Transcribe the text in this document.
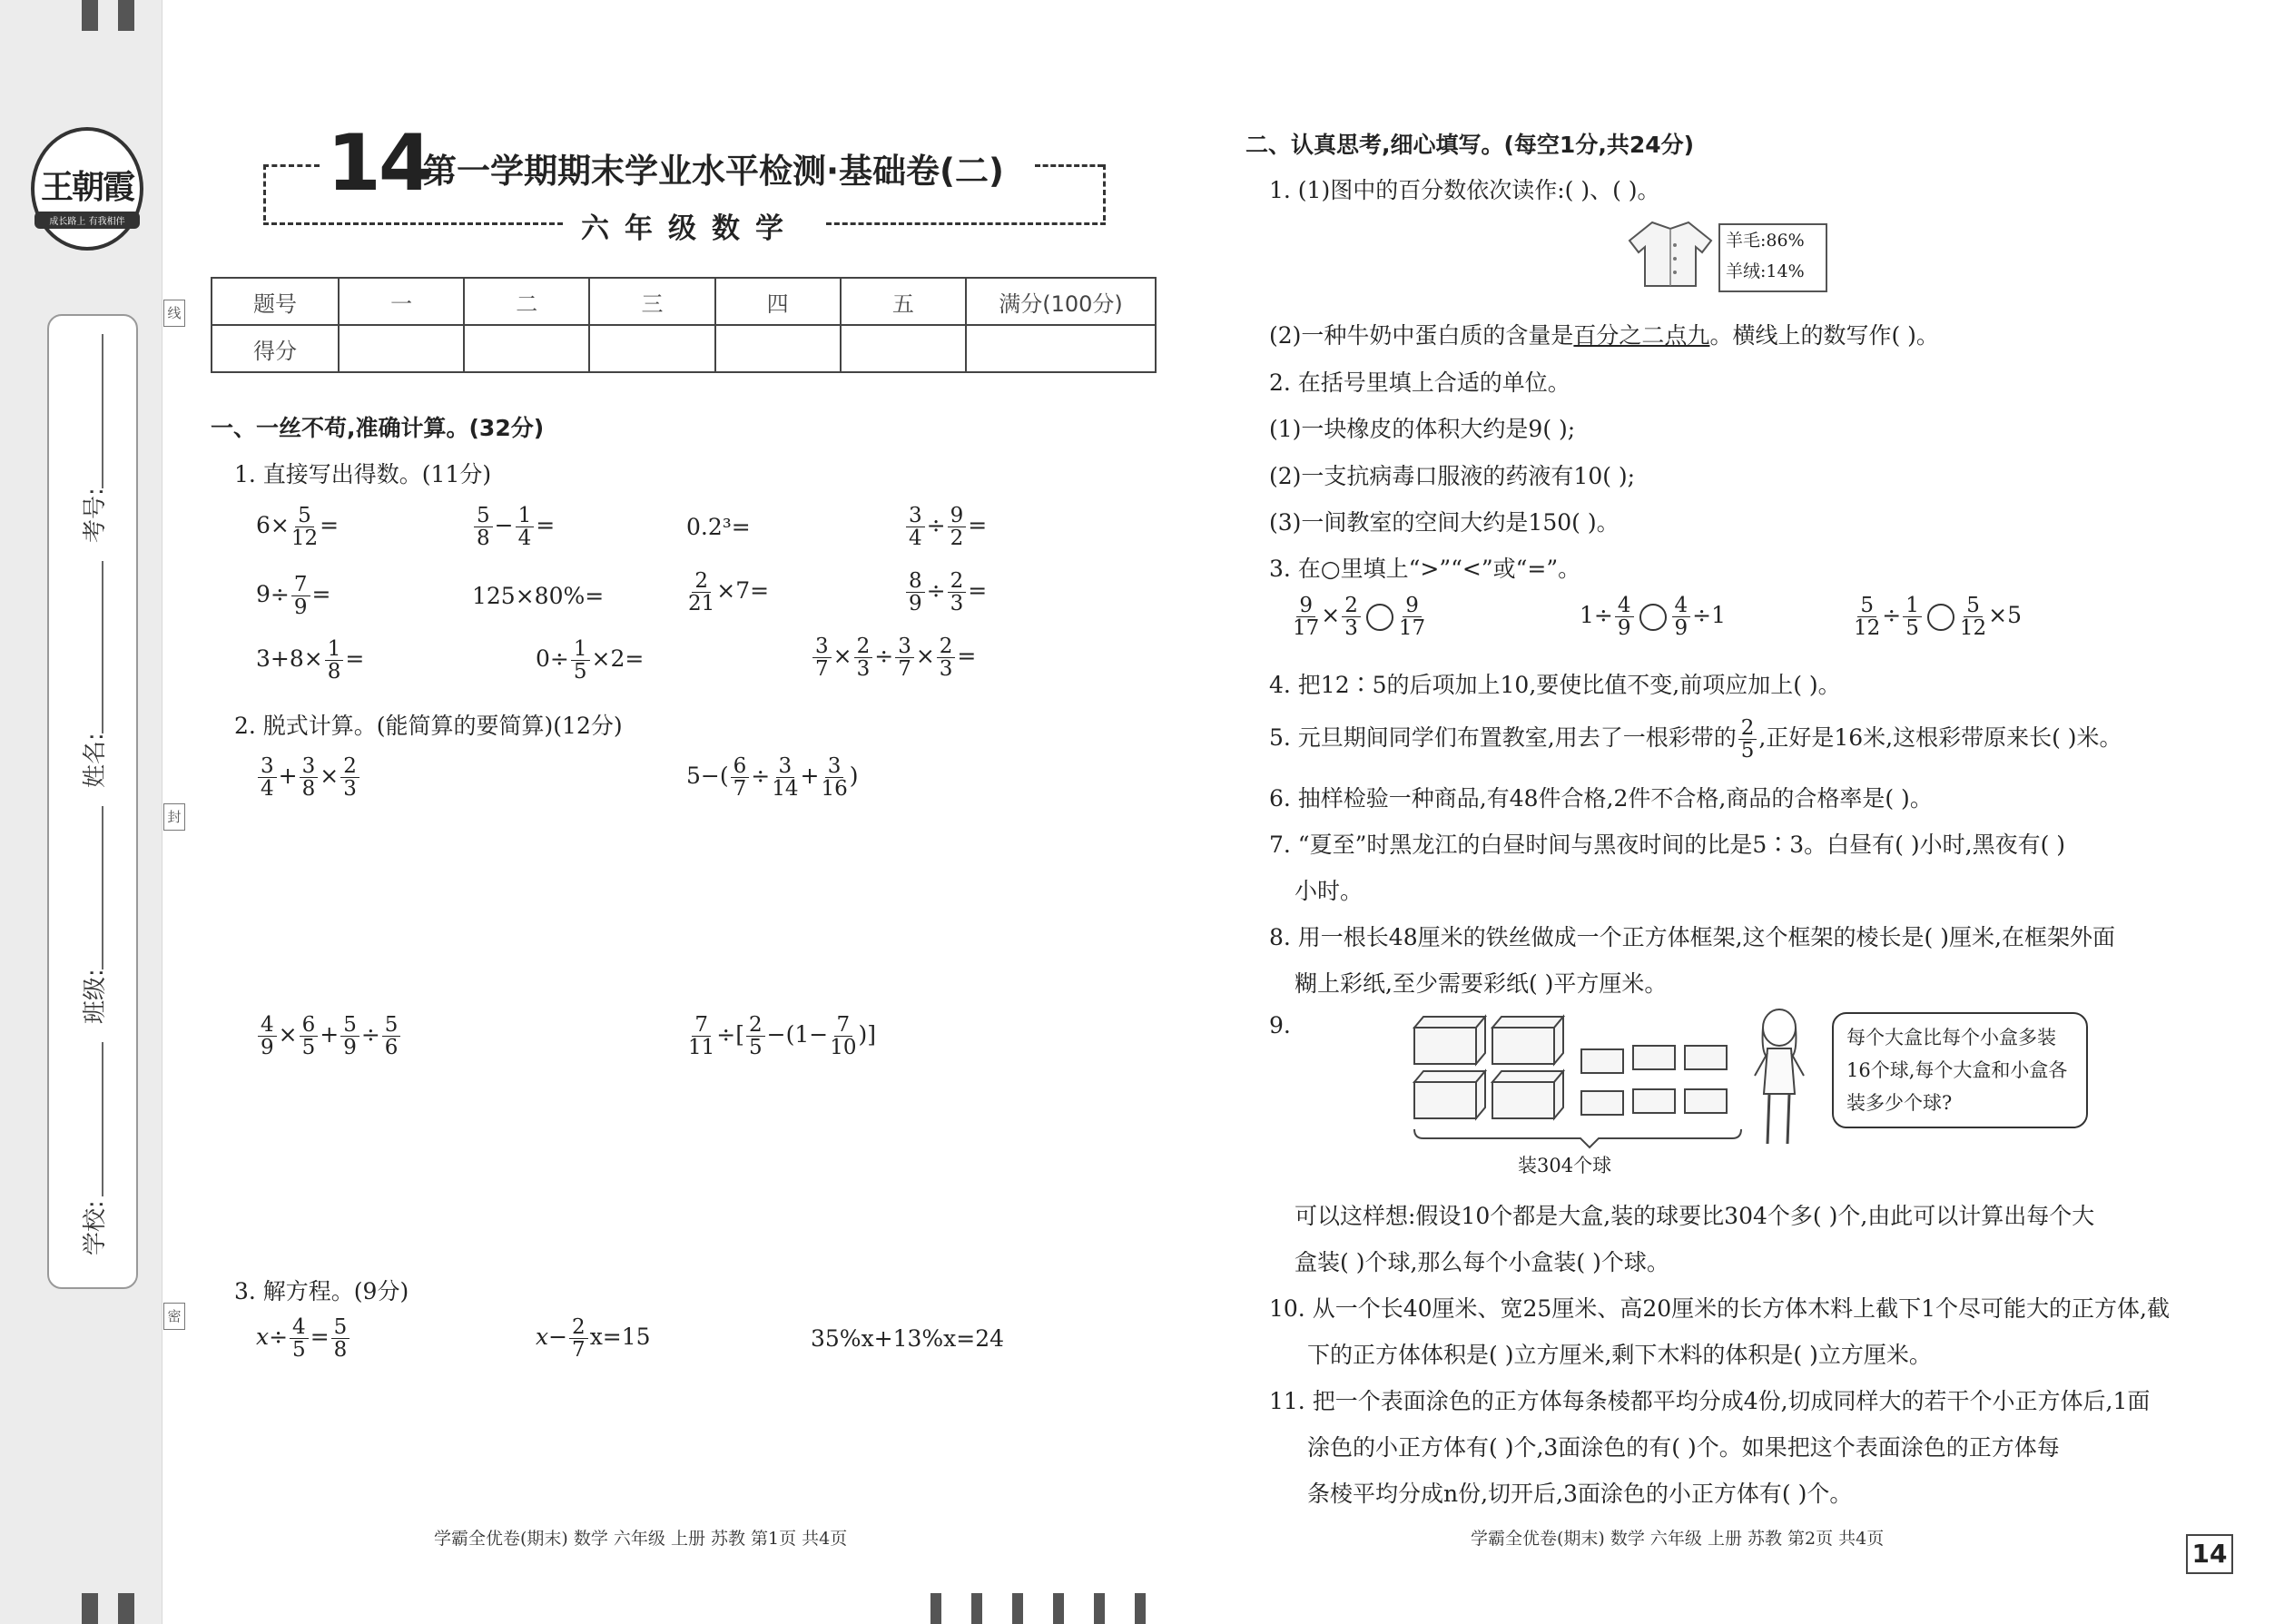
王朝霞
成长路上 有我相伴
考号:
姓名:
班级:
学校:
线
封
密
14
第一学期期末学业水平检测·基础卷(二)
六年级数学
题号	一	二	三	四	五	满分(100分)
得分						
一、一丝不苟,准确计算。(32分)
1. 直接写出得数。(11分)
$6\times \frac{5}{12}$ =	$\frac{5}{8} - \frac{1}{4}$ =	0.2³=	$\frac{3}{4} \div \frac{9}{2}$ =
$9\div \frac{7}{9}$ =	125×80%=	$\frac{2}{21} \times 7=$	$\frac{8}{9} \div \frac{2}{3}$ =
$3+8\times \frac{1}{8}$ =	$0\div \frac{1}{5} \times 2=$	$\frac{3}{7} \times \frac{2}{3} \div \frac{3}{7} \times \frac{2}{3}$ =
2. 脱式计算。(能简算的要简算)(12分)
$\frac{3}{4} + \frac{3}{8} \times \frac{2}{3}$	$5-( \frac{6}{7} \div \frac{3}{14} + \frac{3}{16}$ )
$\frac{4}{9} \times \frac{6}{5} + \frac{5}{9} \div \frac{5}{6}$	$\frac{7}{11}$ ÷[ $\frac{2}{5} -(1- \frac{7}{10}$ )]
3. 解方程。(9分)
$x\div \frac{4}{5} = \frac{5}{8}$	$x- \frac{2}{7} x=15$	35%x+13%x=24
学霸全优卷(期末) 数学 六年级 上册 苏教 第1页 共4页
二、认真思考,细心填写。(每空1分,共24分)
1. (1)图中的百分数依次读作:( )、( )。
羊毛:86%
羊绒:14%
(2)一种牛奶中蛋白质的含量是百分之二点九。横线上的数写作( )。
2. 在括号里填上合适的单位。
(1)一块橡皮的体积大约是9( );
(2)一支抗病毒口服液的药液有10( );
(3)一间教室的空间大约是150( )。
3. 在○里填上“>”“<”或“=”。
$\frac{9}{17} \times \frac{2}{3} \frac{9}{17}$	$1\div \frac{4}{9} \frac{4}{9} \div 1$	$\frac{5}{12} \div \frac{1}{5} \frac{5}{12} \times 5$
4. 把12∶5的后项加上10,要使比值不变,前项应加上( )。
5. 元旦期间同学们布置教室,用去了一根彩带的 $\frac{2}{5}$ ,正好是16米,这根彩带原来长( )米。
6. 抽样检验一种商品,有48件合格,2件不合格,商品的合格率是( )。
7. “夏至”时黑龙江的白昼时间与黑夜时间的比是5∶3。白昼有( )小时,黑夜有( )
小时。
8. 用一根长48厘米的铁丝做成一个正方体框架,这个框架的棱长是( )厘米,在框架外面
糊上彩纸,至少需要彩纸( )平方厘米。
9.
装304个球
每个大盒比每个小盒多装16个球,每个大盒和小盒各装多少个球?
可以这样想:假设10个都是大盒,装的球要比304个多( )个,由此可以计算出每个大
盒装( )个球,那么每个小盒装( )个球。
10. 从一个长40厘米、宽25厘米、高20厘米的长方体木料上截下1个尽可能大的正方体,截
下的正方体体积是( )立方厘米,剩下木料的体积是( )立方厘米。
11. 把一个表面涂色的正方体每条棱都平均分成4份,切成同样大的若干个小正方体后,1面
涂色的小正方体有( )个,3面涂色的有( )个。如果把这个表面涂色的正方体每
条棱平均分成n份,切开后,3面涂色的小正方体有( )个。
学霸全优卷(期末) 数学 六年级 上册 苏教 第2页 共4页	14
